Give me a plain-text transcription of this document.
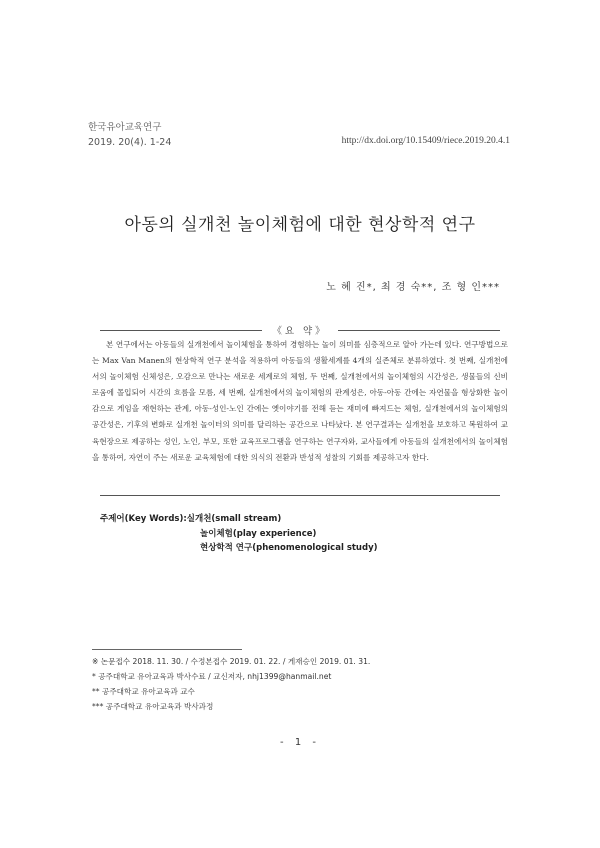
한국유아교육연구
2019. 20(4). 1-24	http://dx.doi.org/10.15409/riece.2019.20.4.1
아동의 실개천 놀이체험에 대한 현상학적 연구
노 혜 진*, 최 경 숙**, 조 형 인***
《요 약》

본 연구에서는 아동들의 실개천에서 놀이체험을 통하여 경험하는 놀이 의미를 심층적으로 알아 가는데 있다. 연구방법으로는 Max Van Manen의 현상학적 연구 분석을 적용하여 아동들의 생활세계를 4개의 실존체로 분류하였다. 첫 번째, 실개천에서의 놀이체험 신체성은, 오감으로 만나는 새로운 세계로의 체험, 두 번째, 실개천에서의 놀이체험의 시간성은, 생물들의 신비로움에 몰입되어 시간의 흐름을 모름, 세 번째, 실개천에서의 놀이체험의 관계성은, 아동-아동 간에는 자연물을 형상화한 놀이 감으로 게임을 재현하는 관계, 아동-성인-노인 간에는 옛이야기를 전해 듣는 재미에 빠져드는 체험, 실개천에서의 놀이체험의 공간성은, 기후의 변화로 실개천 놀이터의 의미를 달리하는 공간으로 나타났다. 본 연구결과는 실개천을 보호하고 복원하여 교육현장으로 제공하는 성인, 노인, 부모, 또한 교육프로그램을 연구하는 연구자와, 교사들에게 아동들의 실개천에서의 놀이체험을 통하여, 자연이 주는 새로운 교육체험에 대한 의식의 전환과 반성적 성찰의 기회를 제공하고자 한다.

주제어(Key Words):실개천(small stream)
놀이체험(play experience)
현상학적 연구(phenomenological study)
※ 논문접수 2018. 11. 30. / 수정본접수 2019. 01. 22. / 게재승인 2019. 01. 31.
* 공주대학교 유아교육과 박사수료 / 교신저자, nhj1399@hanmail.net
** 공주대학교 유아교육과 교수
*** 공주대학교 유아교육과 박사과정
- 1 -
